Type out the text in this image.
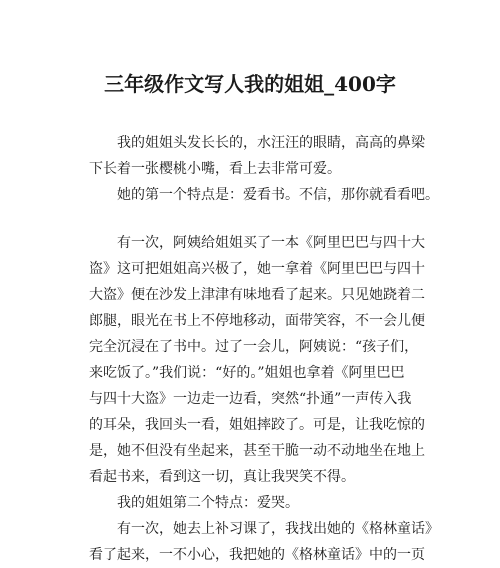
三年级作文写人我的姐姐_400字
我的姐姐头发长长的，水汪汪的眼睛，高高的鼻梁
下长着一张樱桃小嘴，看上去非常可爱。
她的第一个特点是：爱看书。不信，那你就看看吧。
有一次，阿姨给姐姐买了一本《阿里巴巴与四十大
盗》这可把姐姐高兴极了，她一拿着《阿里巴巴与四十
大盗》便在沙发上津津有味地看了起来。只见她跷着二
郎腿，眼光在书上不停地移动，面带笑容，不一会儿便
完全沉浸在了书中。过了一会儿，阿姨说：“孩子们，
来吃饭了。”我们说：“好的。”姐姐也拿着《阿里巴巴
与四十大盗》一边走一边看，突然“扑通”一声传入我
的耳朵，我回头一看，姐姐摔跤了。可是，让我吃惊的
是，她不但没有坐起来，甚至干脆一动不动地坐在地上
看起书来，看到这一切，真让我哭笑不得。
我的姐姐第二个特点：爱哭。
有一次，她去上补习课了，我找出她的《格林童话》
看了起来，一不小心，我把她的《格林童话》中的一页
